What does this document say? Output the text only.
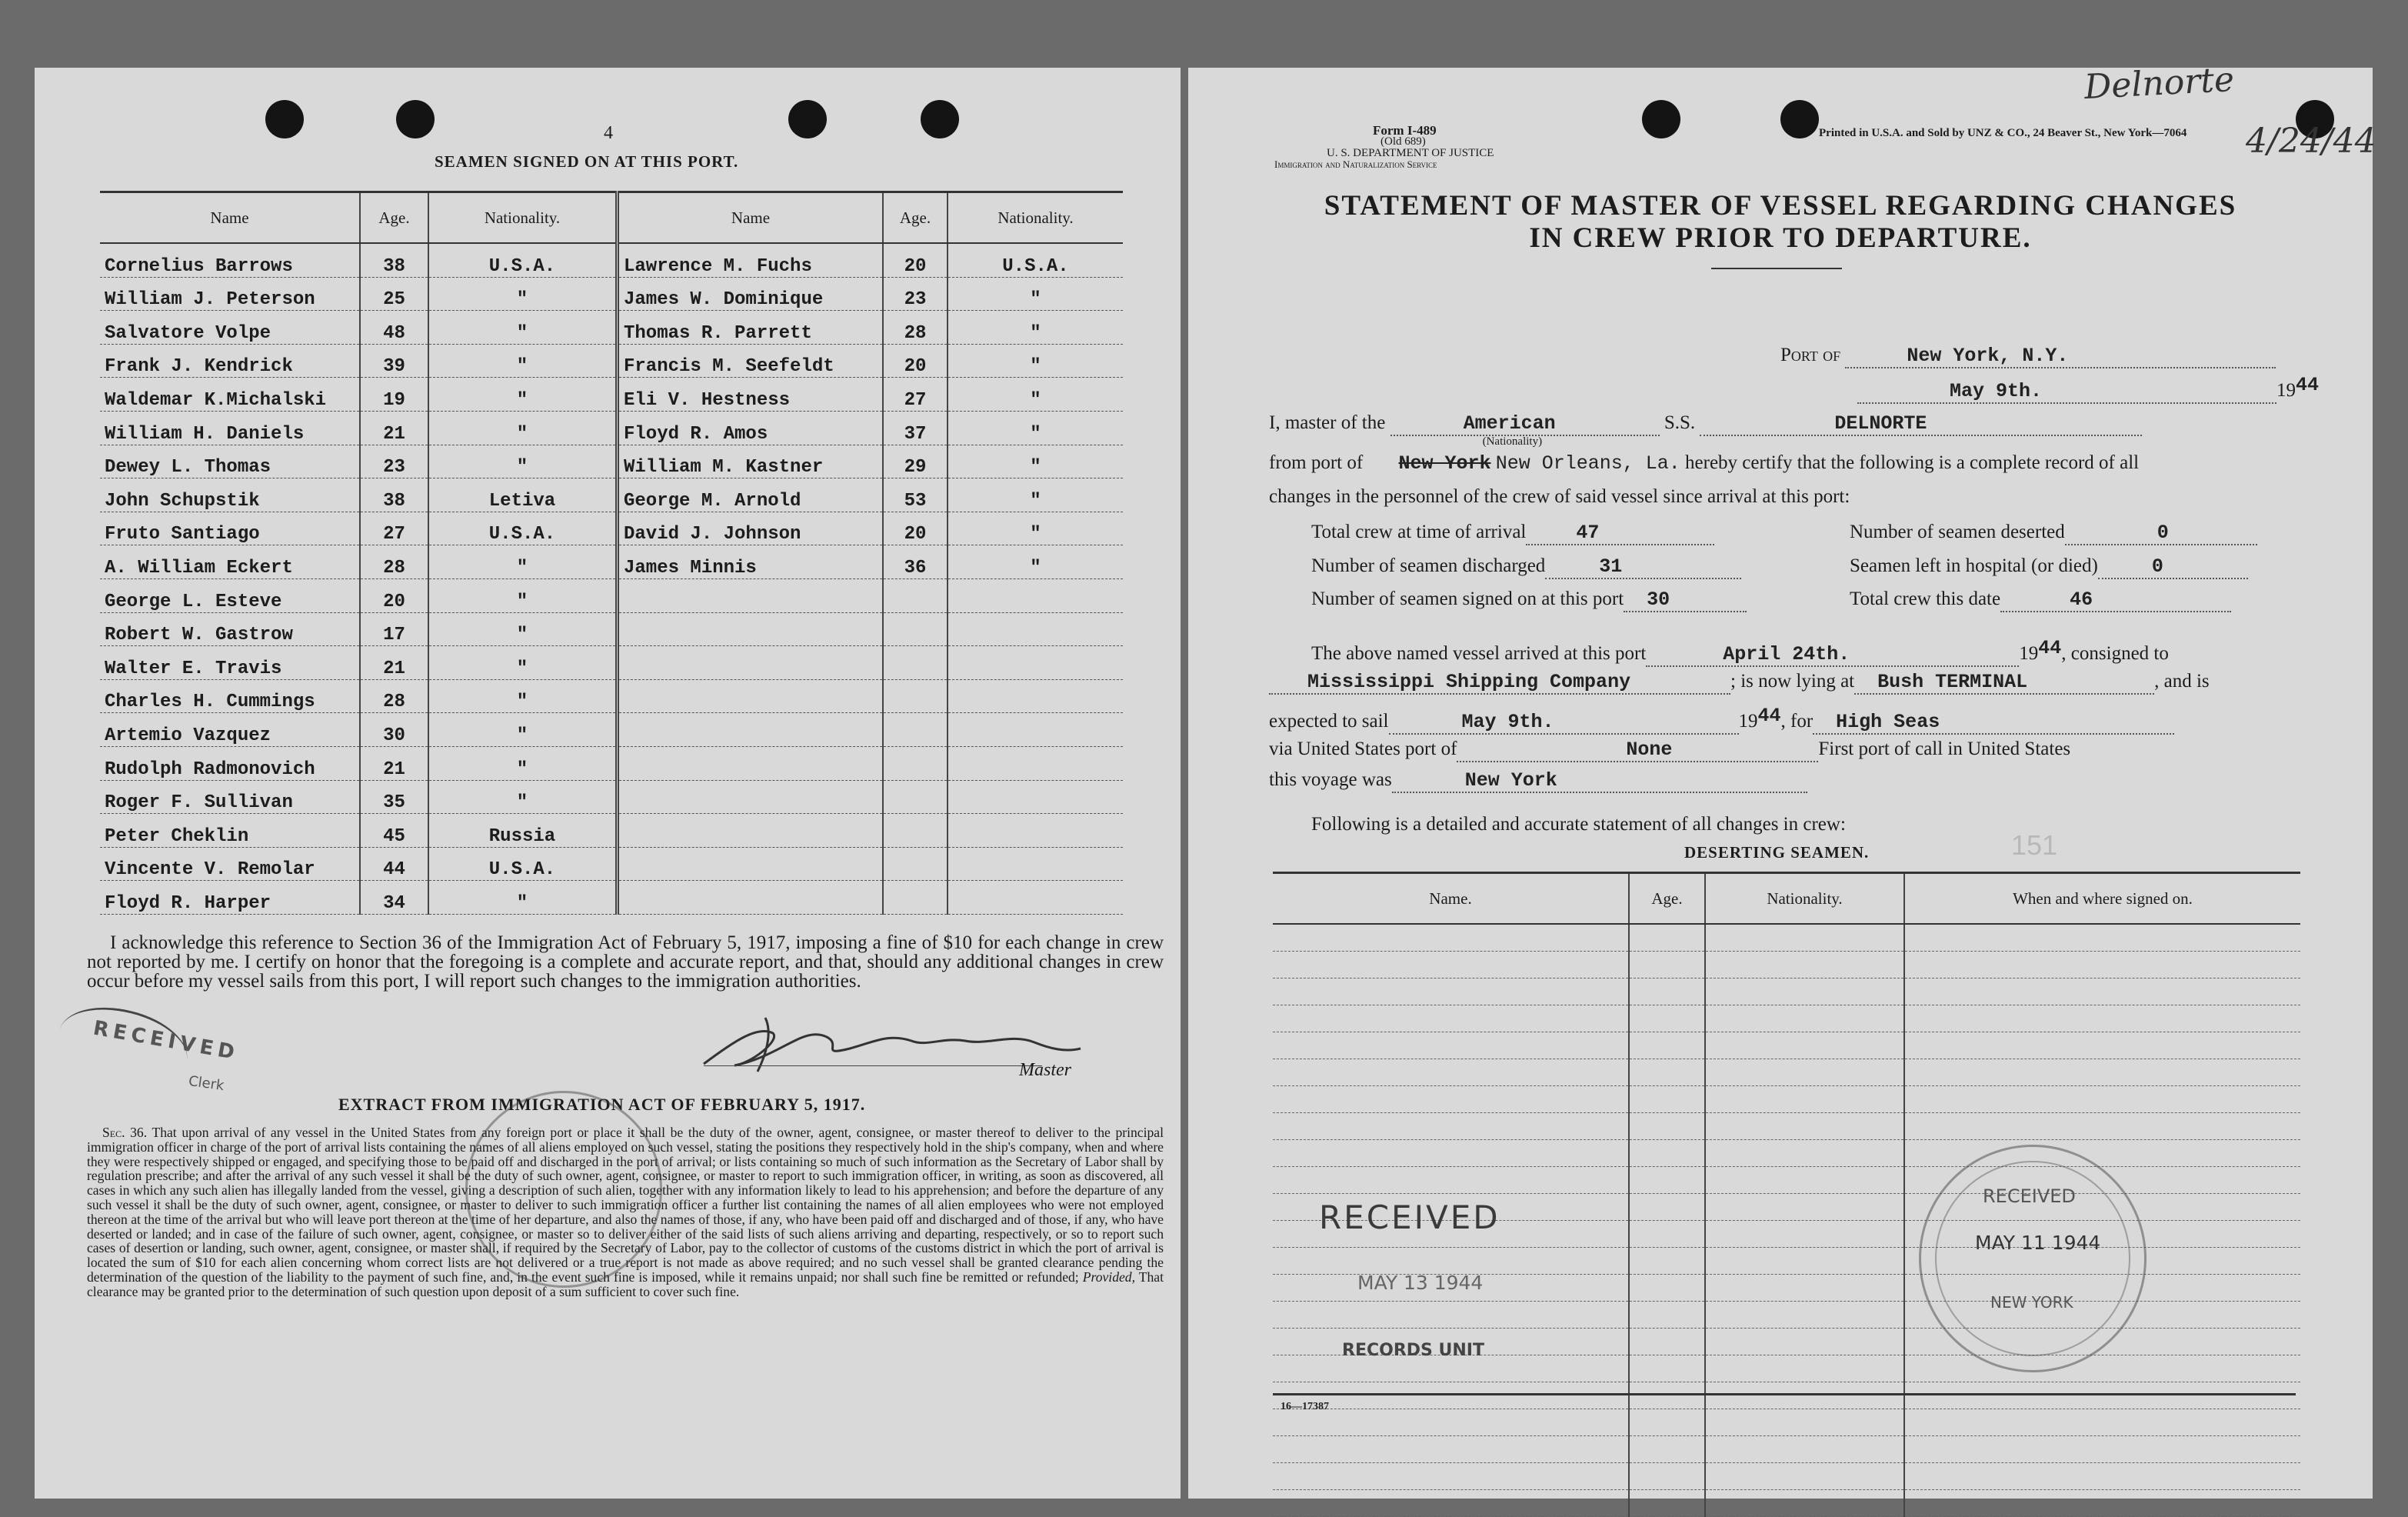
4
SEAMEN SIGNED ON AT THIS PORT.
Name	Age.	Nationality.	Name	Age.	Nationality.
Cornelius Barrows	38	U.S.A.	Lawrence M. Fuchs	20	U.S.A.
William J. Peterson	25	"	James W. Dominique	23	"
Salvatore Volpe	48	"	Thomas R. Parrett	28	"
Frank J. Kendrick	39	"	Francis M. Seefeldt	20	"
Waldemar K.Michalski	19	"	Eli V. Hestness	27	"
William H. Daniels	21	"	Floyd R. Amos	37	"
Dewey L. Thomas	23	"	William M. Kastner	29	"
John Schupstik	38	Letiva	George M. Arnold	53	"
Fruto Santiago	27	U.S.A.	David J. Johnson	20	"
A. William Eckert	28	"	James Minnis	36	"
George L. Esteve	20	"			
Robert W. Gastrow	17	"			
Walter E. Travis	21	"			
Charles H. Cummings	28	"			
Artemio Vazquez	30	"			
Rudolph Radmonovich	21	"			
Roger F. Sullivan	35	"			
Peter Cheklin	45	Russia			
Vincente V. Remolar	44	U.S.A.			
Floyd R. Harper	34	"			
I acknowledge this reference to Section 36 of the Immigration Act of February 5, 1917, imposing a fine of $10 for each change in crew not reported by me. I certify on honor that the foregoing is a complete and accurate report, and that, should any additional changes in crew occur before my vessel sails from this port, I will report such changes to the immigration authorities.
RECEIVED
Clerk
Master
EXTRACT FROM IMMIGRATION ACT OF FEBRUARY 5, 1917.
Sec. 36. That upon arrival of any vessel in the United States from any foreign port or place it shall be the duty of the owner, agent, consignee, or master thereof to deliver to the principal immigration officer in charge of the port of arrival lists containing the names of all aliens employed on such vessel, stating the positions they respectively hold in the ship's company, when and where they were respectively shipped or engaged, and specifying those to be paid off and discharged in the port of arrival; or lists containing so much of such information as the Secretary of Labor shall by regulation prescribe; and after the arrival of any such vessel it shall be the duty of such owner, agent, consignee, or master to report to such immigration officer, in writing, as soon as discovered, all cases in which any such alien has illegally landed from the vessel, giving a description of such alien, together with any information likely to lead to his apprehension; and before the departure of any such vessel it shall be the duty of such owner, agent, consignee, or master to deliver to such immigration officer a further list containing the names of all alien employees who were not employed thereon at the time of the arrival but who will leave port thereon at the time of her departure, and also the names of those, if any, who have been paid off and discharged and of those, if any, who have deserted or landed; and in case of the failure of such owner, agent, consignee, or master so to deliver either of the said lists of such aliens arriving and departing, respectively, or so to report such cases of desertion or landing, such owner, agent, consignee, or master shall, if required by the Secretary of Labor, pay to the collector of customs of the customs district in which the port of arrival is located the sum of $10 for each alien concerning whom correct lists are not delivered or a true report is not made as above required; and no such vessel shall be granted clearance pending the determination of the question of the liability to the payment of such fine, and, in the event such fine is imposed, while it remains unpaid; nor shall such fine be remitted or refunded; Provided, That clearance may be granted prior to the determination of such question upon deposit of a sum sufficient to cover such fine.
Form I-489
(Old 689)
U. S. DEPARTMENT OF JUSTICE
Immigration and Naturalization Service
Printed in U.S.A. and Sold by UNZ & CO., 24 Beaver St., New York—7064
Delnorte
4/24/44
STATEMENT OF MASTER OF VESSEL REGARDING CHANGES
IN CREW PRIOR TO DEPARTURE.
Port of	New York, N.Y.
May 9th.	1944
I, master of the	American
(Nationality)
S.S.	DELNORTE
from port of New York New Orleans, La. hereby certify that the following is a complete record of all
changes in the personnel of the crew of said vessel since arrival at this port:
Total crew at time of arrival	47	Number of seamen deserted	0
Number of seamen discharged	31	Seamen left in hospital (or died)	0
Number of seamen signed on at this port 30	Total crew this date	46
The above named vessel arrived at this port	April 24th.	1944, consigned to
Mississippi Shipping Company	; is now lying at Bush TERMINAL	, and is
expected to sail	May 9th.	1944, for High Seas
via United States port of	None	First port of call in United States
this voyage was	New York
Following is a detailed and accurate statement of all changes in crew:
DESERTING SEAMEN.	151
Name.	Age.	Nationality.	When and where signed on.

RECEIVED
MAY 13 1944
RECORDS UNIT
RECEIVED
MAY 11 1944
NEW YORK
16—17387
